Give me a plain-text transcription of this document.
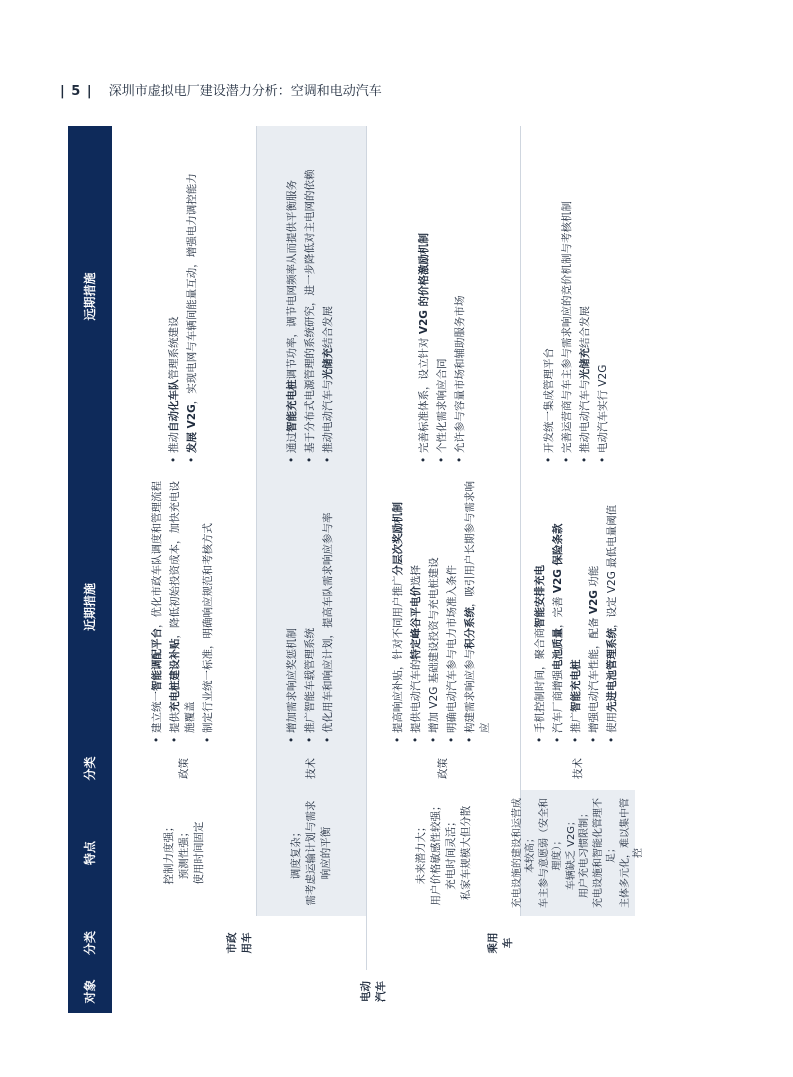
| 5 | 深圳市虚拟电厂建设潜力分析：空调和电动汽车
对象
分类
特点
分类
近期措施
远期措施
电动汽车
市政用车
控制力度强； 预测性强； 使用时间固定
政策
• 建立统一智能调配平台，优化市政车队调度和管理流程
• 提供充电桩建设补贴，降低初始投资成本，加快充电设施覆盖 • 制定行业统一标准，明确响应规范和考核方式
• 推动自动化车队管理系统建设
• 发展 V2G，实现电网与车辆间能量互动，增强电力调控能力
调度复杂； 需考虑运输计划与需求响应的平衡
技术
• 增加需求响应奖惩机制 • 推广智能车载管理系统 • 优化用车和响应计划，提高车队需求响应参与率
• 通过智能充电桩调节功率，调节电网频率从而提供平衡服务 • 基于分布式电源管理的系统研究，进一步降低对主电网的依赖 • 推动电动汽车与光储充结合发展
乘用车
未来潜力大； 用户价格敏感性较强； 充电时间灵活； 私家车规模大但分散
政策
• 提高响应补贴，针对不同用户推广分层次奖励机制
• 提供电动汽车的特定峰谷平电价选择 • 增加 V2G 基础建设投资与充电桩建设 • 明确电动汽车参与电力市场准入条件 • 构建需求响应参与积分系统，吸引用户长期参与需求响应
• 完善标准体系，设立针对 V2G 的价格激励机制
• 个性化需求响应合同 • 允许参与容量市场和辅助服务市场
充电设施的建设和运营成本较高； 车主参与意愿弱（安全和理度）； 车辆缺乏 V2G； 用户充电习惯限制； 充电设施和智能化管理不足； 主体多元化，难以集中管控
技术
• 手机控制时间，聚合商智能安排充电
• 汽车厂商增强电池质量，完善 V2G 保险条款
• 推广智能充电桩 • 增强电动汽车性能，配备 V2G 功能
• 使用先进电池管理系统，设定 V2G 最低电量阈值
• 开发统一集成管理平台 • 完善运营商与车主参与需求响应的竞价机制与考核机制 • 推动电动汽车与光储充结合发展
• 电动汽车实行 V2G
